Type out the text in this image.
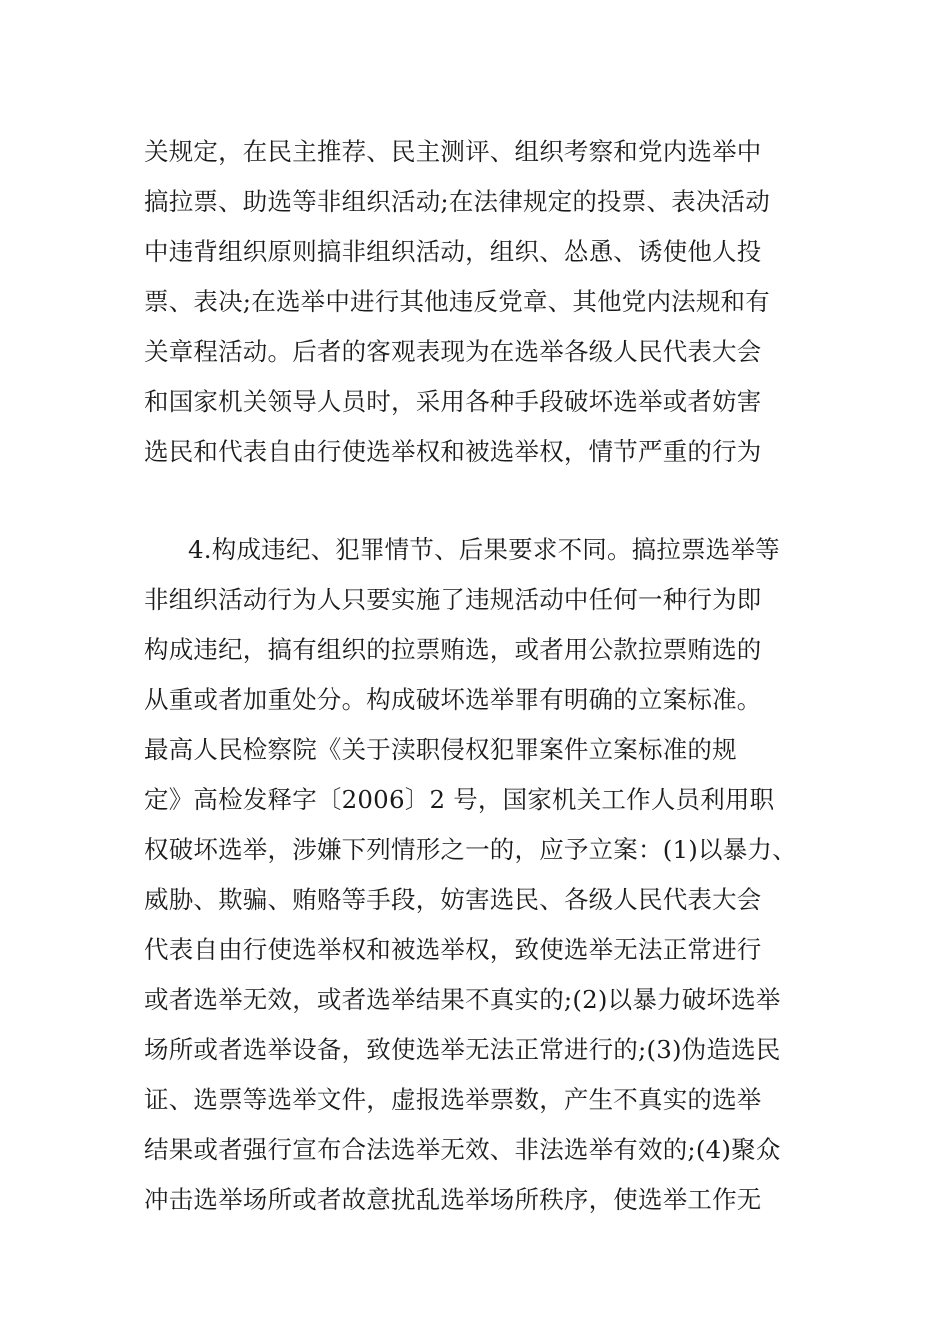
关规定，在民主推荐、民主测评、组织考察和党内选举中
搞拉票、助选等非组织活动;在法律规定的投票、表决活动
中违背组织原则搞非组织活动，组织、怂恿、诱使他人投
票、表决;在选举中进行其他违反党章、其他党内法规和有
关章程活动。后者的客观表现为在选举各级人民代表大会
和国家机关领导人员时，采用各种手段破坏选举或者妨害
选民和代表自由行使选举权和被选举权，情节严重的行为
4.构成违纪、犯罪情节、后果要求不同。搞拉票选举等
非组织活动行为人只要实施了违规活动中任何一种行为即
构成违纪，搞有组织的拉票贿选，或者用公款拉票贿选的
从重或者加重处分。构成破坏选举罪有明确的立案标准。
最高人民检察院《关于渎职侵权犯罪案件立案标准的规
定》高检发释字〔2006〕2 号，国家机关工作人员利用职
权破坏选举，涉嫌下列情形之一的，应予立案：(1)以暴力、
威胁、欺骗、贿赂等手段，妨害选民、各级人民代表大会
代表自由行使选举权和被选举权，致使选举无法正常进行
或者选举无效，或者选举结果不真实的;(2)以暴力破坏选举
场所或者选举设备，致使选举无法正常进行的;(3)伪造选民
证、选票等选举文件，虚报选举票数，产生不真实的选举
结果或者强行宣布合法选举无效、非法选举有效的;(4)聚众
冲击选举场所或者故意扰乱选举场所秩序，使选举工作无
